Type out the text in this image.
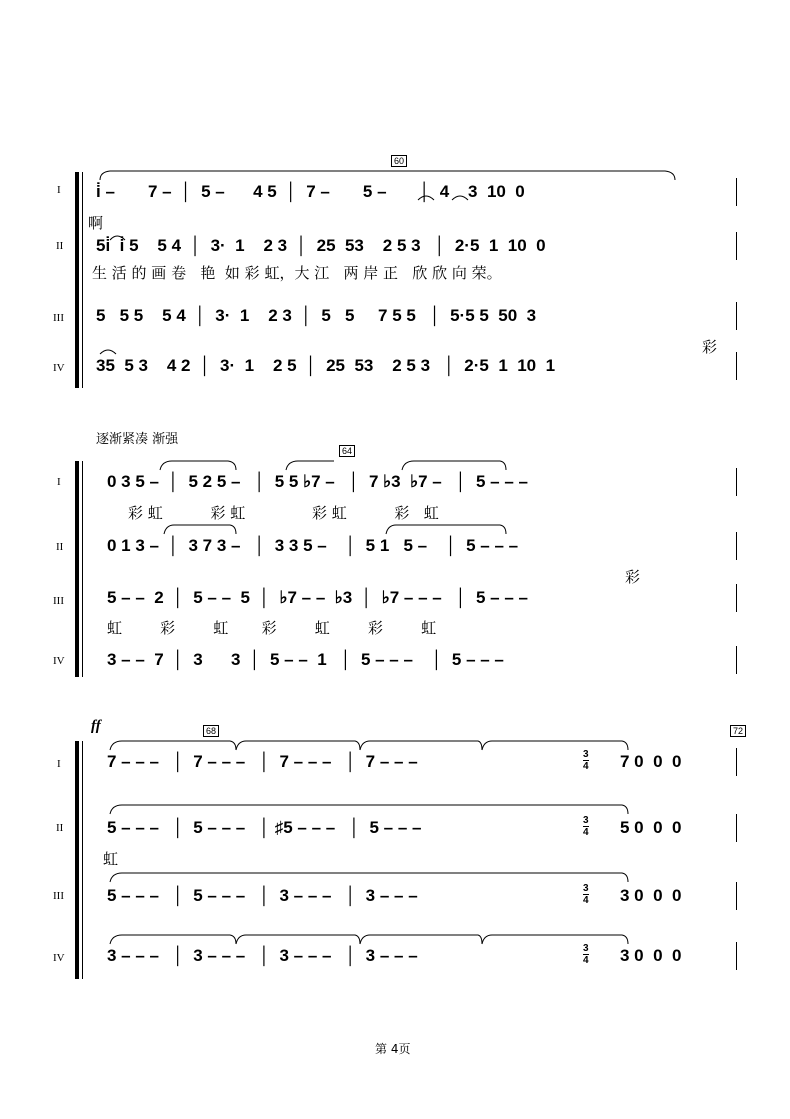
I
II
III
IV
60
i̇ –       7 –  │  5 –      4 5  │  7 –       5 –       │  4    3  10  0
啊
5i̇  i̇ 5    5 4  │  3·  1    2 3  │  25  53    2 5 3   │  2·5  1  10  0
生 活 的 画 卷   艳  如 彩 虹，大 江   两 岸 正   欣 欣 向 荣。
5   5 5    5 4  │  3·  1    2 3  │  5   5     7 5 5   │  5·5 5  50  3
35  5 3    4 2  │  3·  1    2 5  │  25  53    2 5 3   │  2·5  1  10  1
彩
逐渐紧凑 渐强
64
I
II
III
IV
0 3 5 –  │  5 2 5 –   │  5 5 ♭7 –   │  7 ♭3  ♭7 –   │  5 – – –
彩 虹          彩 虹              彩 虹          彩   虹
0 1 3 –  │  3 7 3 –   │  3 3 5 –    │  5 1   5 –    │  5 – – –
彩
5 – –  2  │  5 – –  5  │  ♭7 – –  ♭3  │  ♭7 – – –   │  5 – – –
虹        彩        虹       彩        虹        彩        虹
3 – –  7  │  3      3  │  5 – –  1   │  5 – – –    │  5 – – –
ff	68	72
I
II
III
IV
7 – – –   │  7 – – –   │  7 – – –   │  7 – – –	7 0  0  0
5 – – –   │  5 – – –   │ ♯5 – – –   │  5 – – –	5 0  0  0
虹
5 – – –   │  5 – – –   │  3 – – –   │  3 – – –	3 0  0  0
3 – – –   │  3 – – –   │  3 – – –   │  3 – – –	3 0  0  0
3
4
3
4
3
4
3
4
第 4页
